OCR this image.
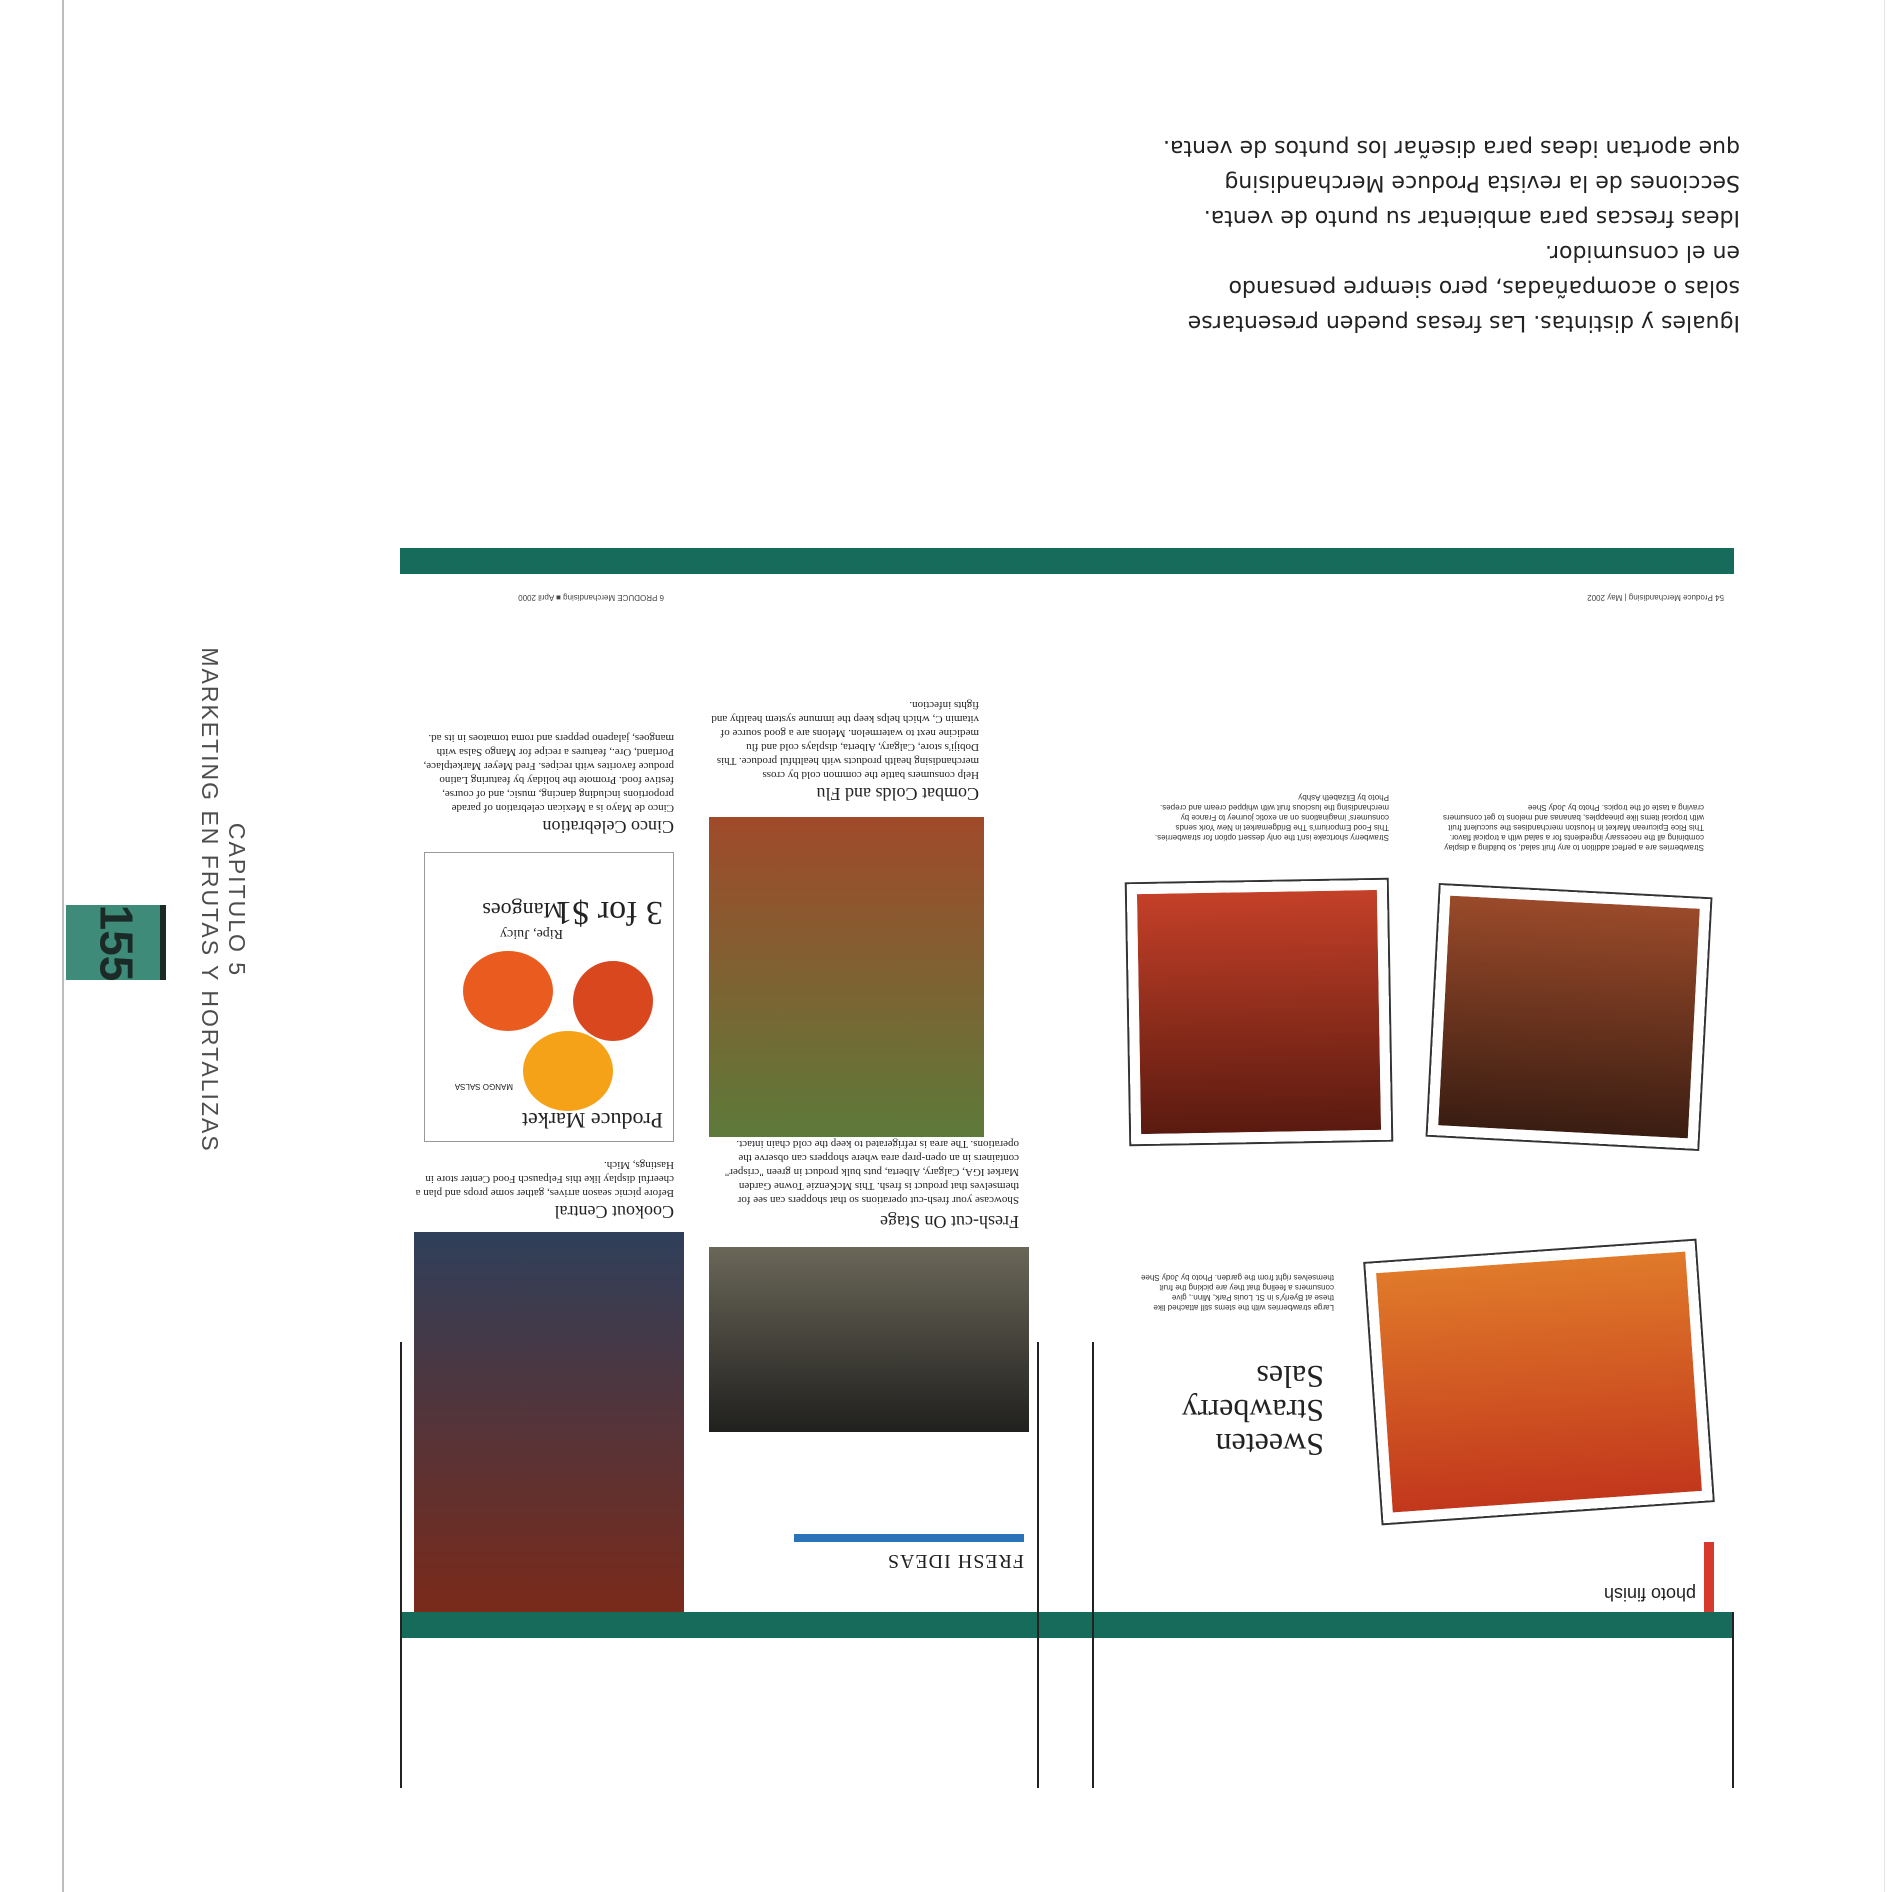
155	CAPITULO 5
MARKETING EN FRUTAS Y HORTALIZAS

Iguales y distintas. Las fresas pueden presentarse

solas o acompañadas, pero siempre pensando

en el consumidor.

Ideas frescas para ambientar su punto de venta.

Secciones de la revista Produce Merchandising

que aportan ideas para diseñar los puntos de venta.

photo finish
Sweeten
Strawberry
Sales
Large strawberries with the stems still attached like these at Byerly's in St. Louis Park, Minn., give consumers a feeling that they are picking the fruit themselves right from the garden. Photo by Jody Shee
Strawberries are a perfect addition to any fruit salad, so building a display combining all the necessary ingredients for a salad with a tropical flavor. This Rice Epicurean Market in Houston merchandises the succulent fruit with tropical items like pineapples, bananas and melons to get consumers craving a taste of the tropics. Photo by Jody Shee
Strawberry shortcake isn't the only dessert option for strawberries. This Food Emporium's The Bridgemarket in New York sends consumers' imaginations on an exotic journey to France by merchandising the luscious fruit with whipped cream and crepes. Photo by Elizabeth Ashby
54 Produce Merchandising | May 2002
FRESH IDEAS
Fresh-cut On Stage
Showcase your fresh-cut operations so that shoppers can see for themselves that product is fresh. This McKenzie Towne Garden Market IGA, Calgary, Alberta, puts bulk product in green "crisper" containers in an open-prep area where shoppers can observe the operations. The area is refrigerated to keep the cold chain intact.
Cookout Central
Before picnic season arrives, gather some props and plan a cheerful display like this Felpausch Food Center store in Hastings, Mich.
Combat Colds and Flu
Help consumers battle the common cold by cross merchandising health products with healthful produce. This Dobiji's store, Calgary, Alberta, displays cold and flu medicine next to watermelon. Melons are a good source of vitamin C, which helps keep the immune system healthy and fights infection.
Ripe, Juicy
Mangoes
3 for $1
Produce Market
MANGO SALSA
Cinco Celebration
Cinco de Mayo is a Mexican celebration of parade proportions including dancing, music, and of course, festive food. Promote the holiday by featuring Latino produce favorites with recipes. Fred Meyer Marketplace, Portland, Ore., features a recipe for Mango Salsa with mangoes, jalapeno peppers and roma tomatoes in its ad.
6 PRODUCE Merchandising ■ April 2000
